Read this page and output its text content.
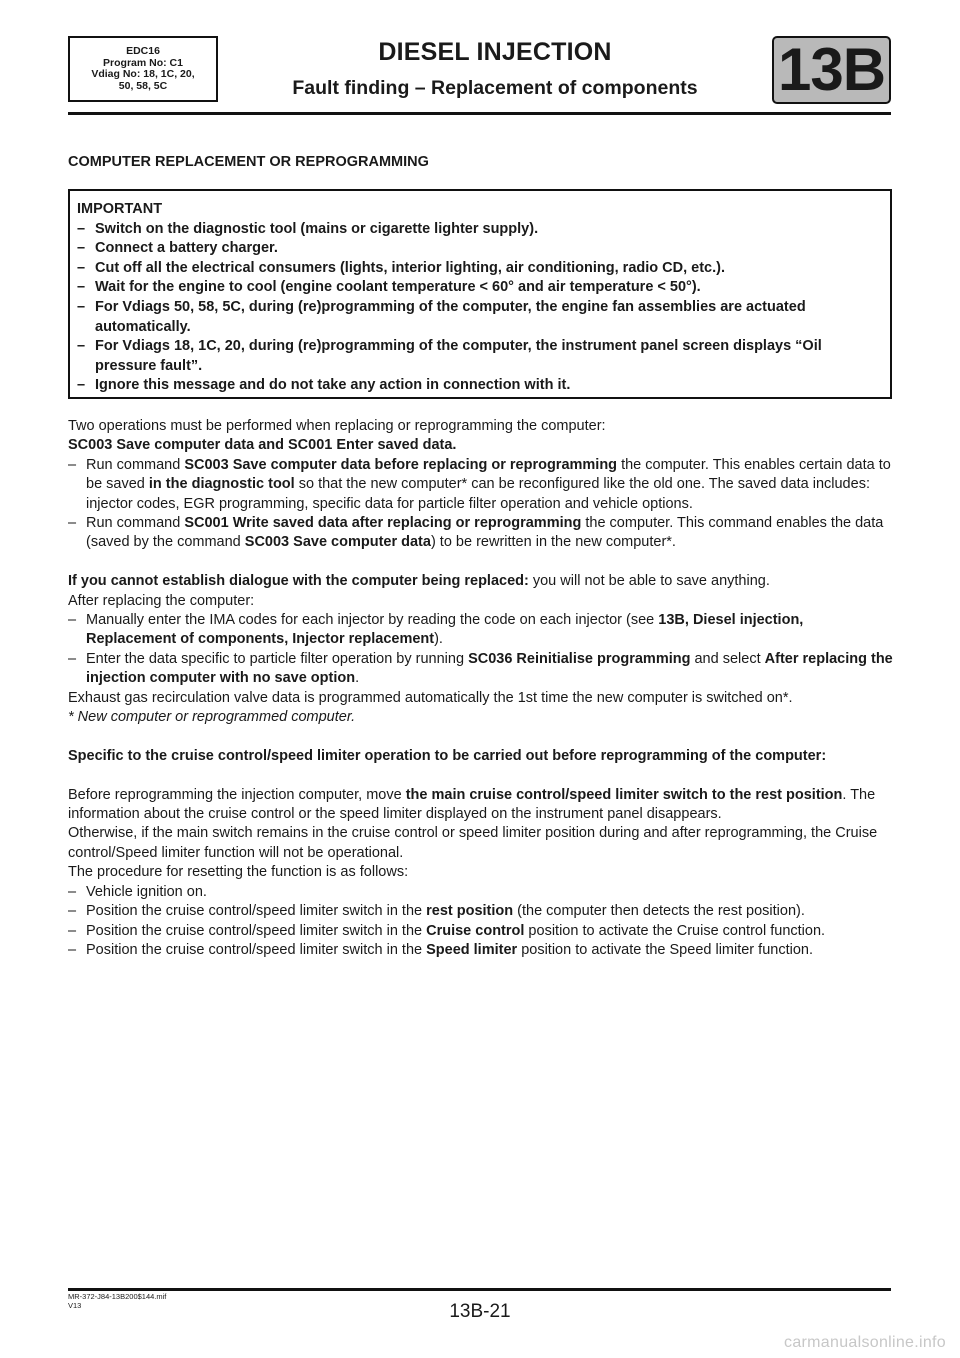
EDC16
Program No: C1
Vdiag No: 18, 1C, 20,
50, 58, 5C
DIESEL INJECTION
Fault finding – Replacement of components	13B
COMPUTER REPLACEMENT OR REPROGRAMMING
IMPORTANT
– Switch on the diagnostic tool (mains or cigarette lighter supply).
– Connect a battery charger.
– Cut off all the electrical consumers (lights, interior lighting, air conditioning, radio CD, etc.).
– Wait for the engine to cool (engine coolant temperature < 60° and air temperature < 50°).
– For Vdiags 50, 58, 5C, during (re)programming of the computer, the engine fan assemblies are actuated automatically.
– For Vdiags 18, 1C, 20, during (re)programming of the computer, the instrument panel screen displays “Oil pressure fault”.
– Ignore this message and do not take any action in connection with it.

Two operations must be performed when replacing or reprogramming the computer:

SC003 Save computer data and SC001 Enter saved data.

– Run command SC003 Save computer data before replacing or reprogramming the computer. This enables certain data to be saved in the diagnostic tool so that the new computer* can be reconfigured like the old one. The saved data includes: injector codes, EGR programming, specific data for particle filter operation and vehicle options.
– Run command SC001 Write saved data after replacing or reprogramming the computer. This command enables the data (saved by the command SC003 Save computer data) to be rewritten in the new computer*.

If you cannot establish dialogue with the computer being replaced: you will not be able to save anything.

After replacing the computer:

– Manually enter the IMA codes for each injector by reading the code on each injector (see 13B, Diesel injection, Replacement of components, Injector replacement).
– Enter the data specific to particle filter operation by running SC036 Reinitialise programming and select After replacing the injection computer with no save option.

Exhaust gas recirculation valve data is programmed automatically the 1st time the new computer is switched on*.

* New computer or reprogrammed computer.

Specific to the cruise control/speed limiter operation to be carried out before reprogramming of the computer:

Before reprogramming the injection computer, move the main cruise control/speed limiter switch to the rest position. The information about the cruise control or the speed limiter displayed on the instrument panel disappears.

Otherwise, if the main switch remains in the cruise control or speed limiter position during and after reprogramming, the Cruise control/Speed limiter function will not be operational.

The procedure for resetting the function is as follows:

– Vehicle ignition on.
– Position the cruise control/speed limiter switch in the rest position (the computer then detects the rest position).
– Position the cruise control/speed limiter switch in the Cruise control position to activate the Cruise control function.
– Position the cruise control/speed limiter switch in the Speed limiter position to activate the Speed limiter function.
MR-372-J84-13B200$144.mif
V13	13B-21
carmanualsonline.info
